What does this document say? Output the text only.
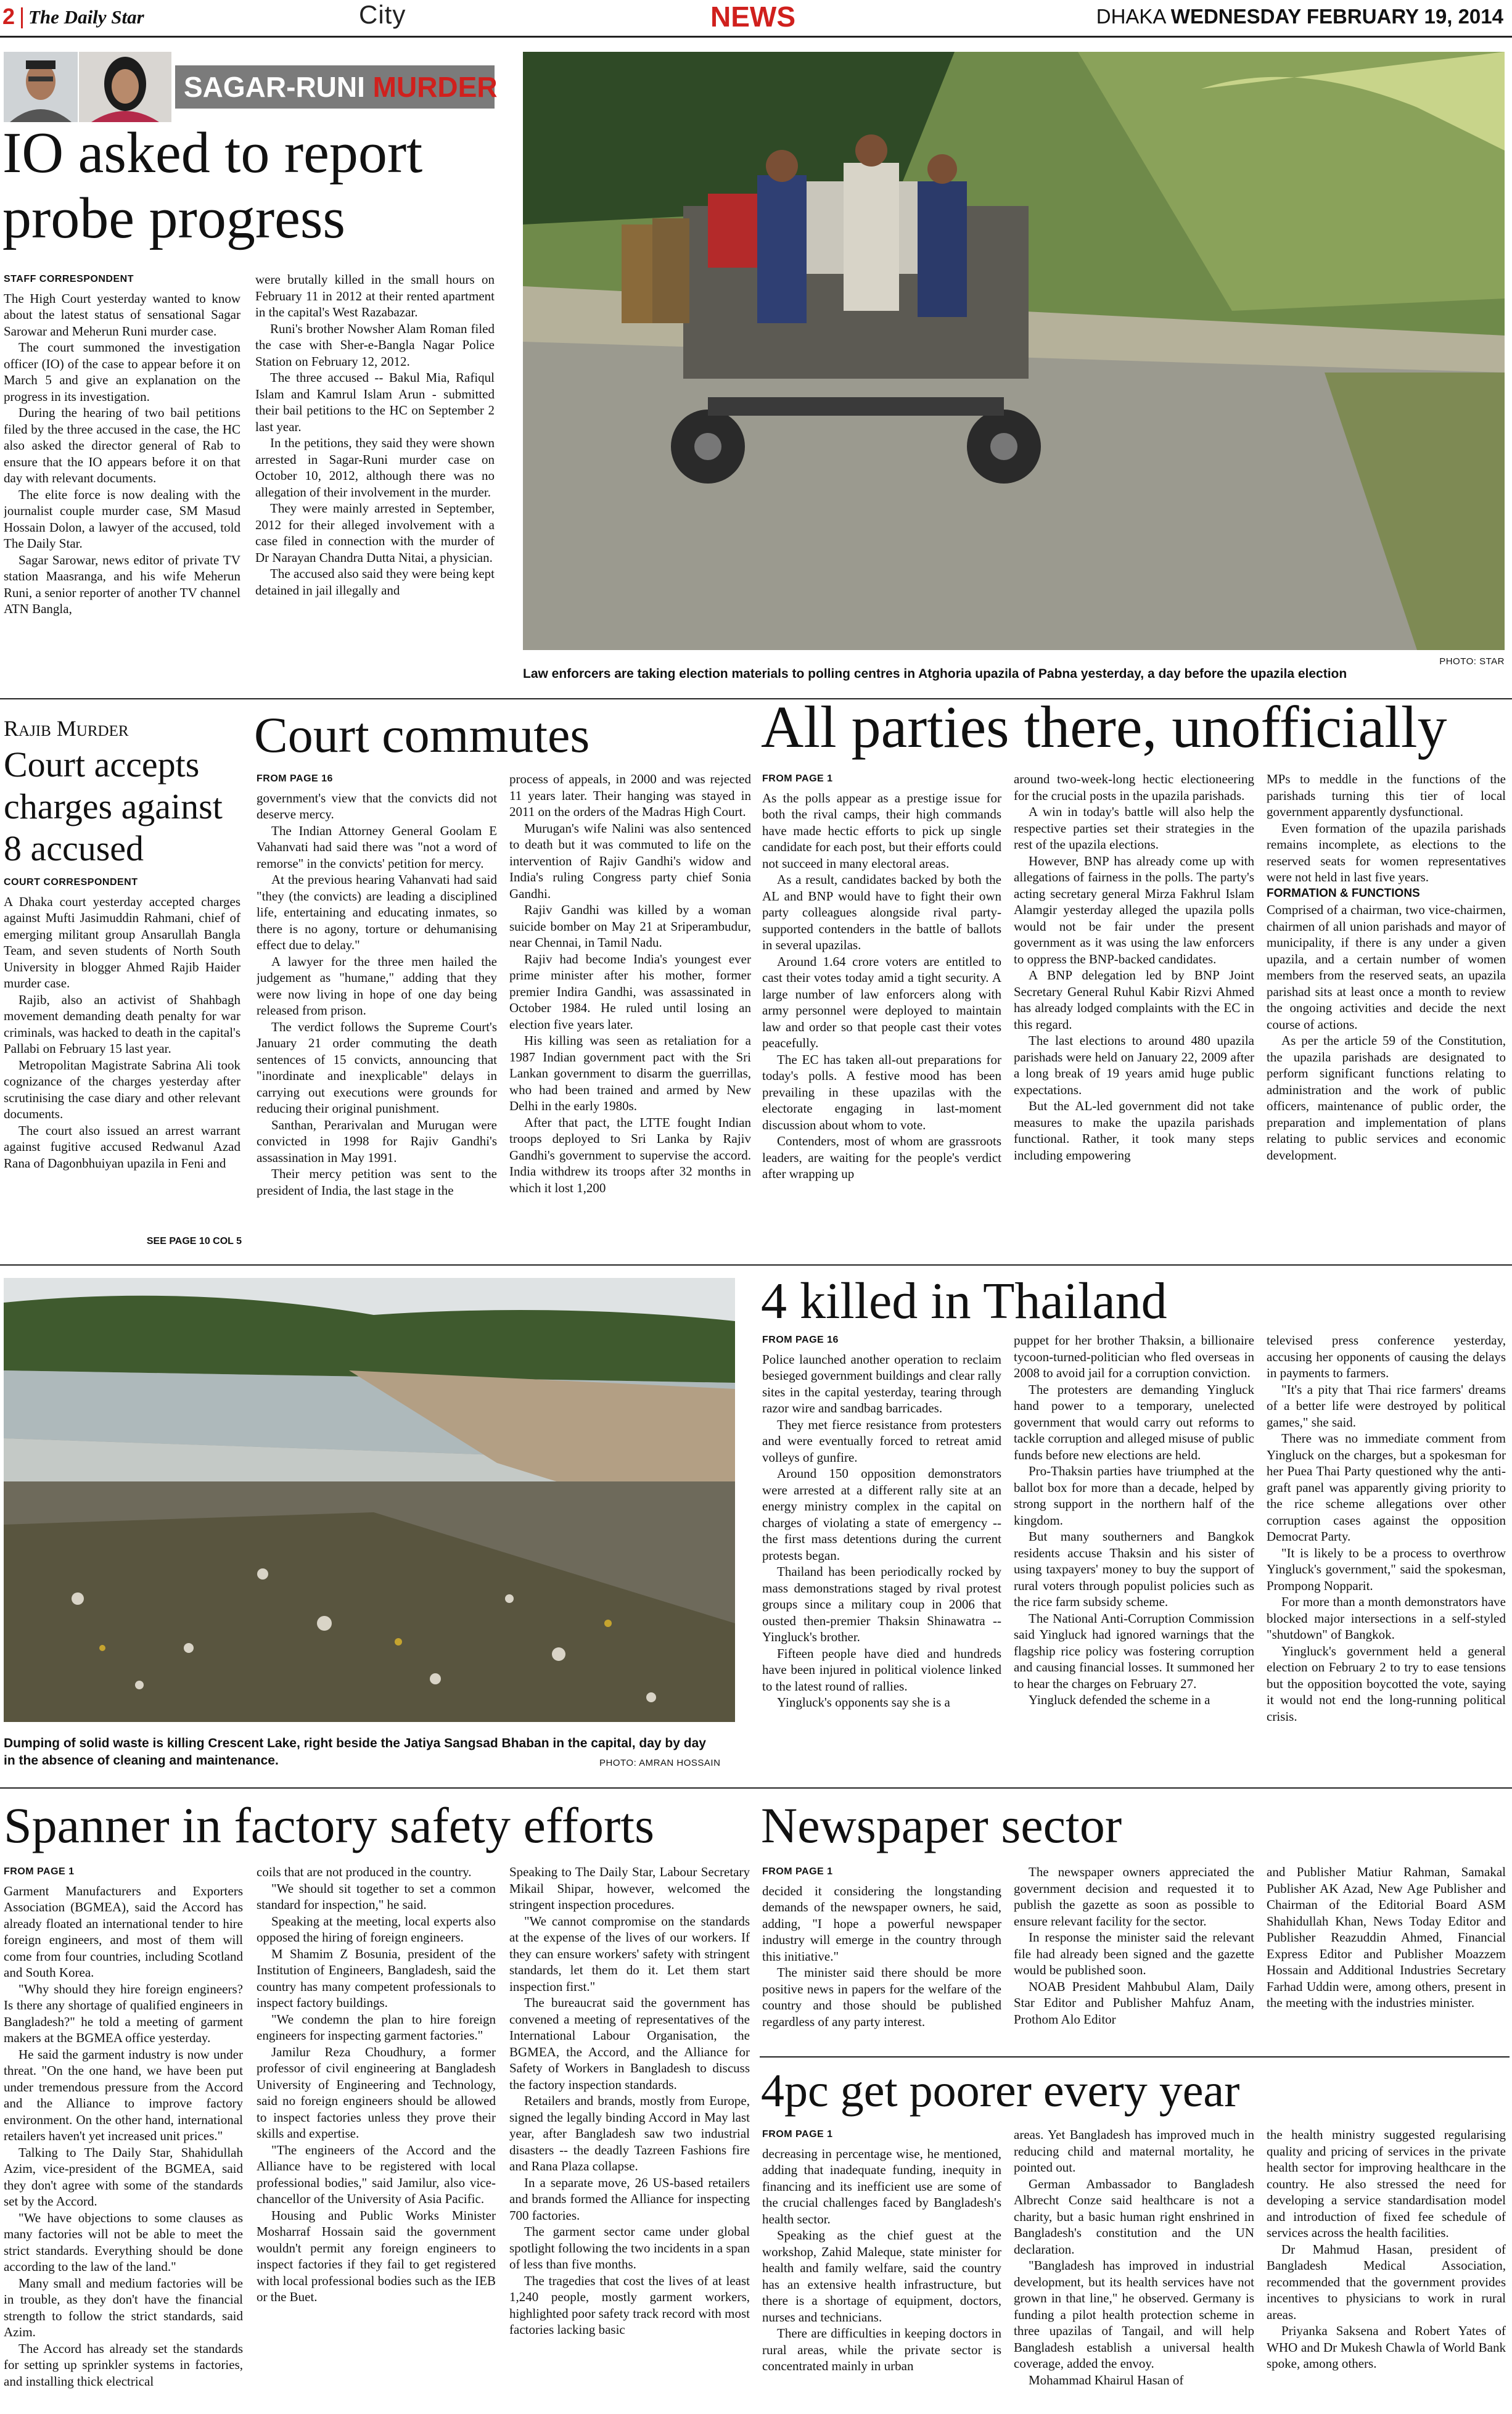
2 The Daily Star	City	NEWS	DHAKA WEDNESDAY FEBRUARY 19, 2014
SAGAR-RUNI MURDER
IO asked to report
probe progress
STAFF CORRESPONDENT

The High Court yesterday wanted to know about the latest status of sensational Sagar Sarowar and Meherun Runi murder case.

The court summoned the investigation officer (IO) of the case to appear before it on March 5 and give an explanation on the progress in its investigation.

During the hearing of two bail petitions filed by the three accused in the case, the HC also asked the director general of Rab to ensure that the IO appears before it on that day with relevant documents.

The elite force is now dealing with the journalist couple murder case, SM Masud Hossain Dolon, a lawyer of the accused, told The Daily Star.

Sagar Sarowar, news editor of private TV station Maasranga, and his wife Meherun Runi, a senior reporter of another TV channel ATN Bangla,

were brutally killed in the small hours on February 11 in 2012 at their rented apartment in the capital's West Razabazar.

Runi's brother Nowsher Alam Roman filed the case with Sher-e-Bangla Nagar Police Station on February 12, 2012.

The three accused -- Bakul Mia, Rafiqul Islam and Kamrul Islam Arun - submitted their bail petitions to the HC on September 2 last year.

In the petitions, they said they were shown arrested in Sagar-Runi murder case on October 10, 2012, although there was no allegation of their involvement in the murder.

They were mainly arrested in September, 2012 for their alleged involvement with a case filed in connection with the murder of Dr Narayan Chandra Dutta Nitai, a physician.

The accused also said they were being kept detained in jail illegally and

Law enforcers are taking election materials to polling centres in Atghoria upazila of Pabna yesterday, a day before the upazila election
PHOTO: STAR
Rajib Murder
Court accepts
charges against
8 accused
COURT CORRESPONDENT

A Dhaka court yesterday accepted charges against Mufti Jasimuddin Rahmani, chief of emerging militant group Ansarullah Bangla Team, and seven students of North South University in blogger Ahmed Rajib Haider murder case.

Rajib, also an activist of Shahbagh movement demanding death penalty for war criminals, was hacked to death in the capital's Pallabi on February 15 last year.

Metropolitan Magistrate Sabrina Ali took cognizance of the charges yesterday after scrutinising the case diary and other relevant documents.

The court also issued an arrest warrant against fugitive accused Redwanul Azad Rana of Dagonbhuiyan upazila in Feni and

SEE PAGE 10 COL 5
Court commutes
FROM PAGE 16

government's view that the convicts did not deserve mercy.

The Indian Attorney General Goolam E Vahanvati had said there was "not a word of remorse" in the convicts' petition for mercy.

At the previous hearing Vahanvati had said "they (the convicts) are leading a disciplined life, entertaining and educating inmates, so there is no agony, torture or dehumanising effect due to delay."

A lawyer for the three men hailed the judgement as "humane," adding that they were now living in hope of one day being released from prison.

The verdict follows the Supreme Court's January 21 order commuting the death sentences of 15 convicts, announcing that "inordinate and inexplicable" delays in carrying out executions were grounds for reducing their original punishment.

Santhan, Perarivalan and Murugan were convicted in 1998 for Rajiv Gandhi's assassination in May 1991.

Their mercy petition was sent to the president of India, the last stage in the

process of appeals, in 2000 and was rejected 11 years later. Their hanging was stayed in 2011 on the orders of the Madras High Court.

Murugan's wife Nalini was also sentenced to death but it was commuted to life on the intervention of Rajiv Gandhi's widow and India's ruling Congress party chief Sonia Gandhi.

Rajiv Gandhi was killed by a woman suicide bomber on May 21 at Sriperambudur, near Chennai, in Tamil Nadu.

Rajiv had become India's youngest ever prime minister after his mother, former premier Indira Gandhi, was assassinated in October 1984. He ruled until losing an election five years later.

His killing was seen as retaliation for a 1987 Indian government pact with the Sri Lankan government to disarm the guerrillas, who had been trained and armed by New Delhi in the early 1980s.

After that pact, the LTTE fought Indian troops deployed to Sri Lanka by Rajiv Gandhi's government to supervise the accord. India withdrew its troops after 32 months in which it lost 1,200

All parties there, unofficially
FROM PAGE 1

As the polls appear as a prestige issue for both the rival camps, their high commands have made hectic efforts to pick up single candidate for each post, but their efforts could not succeed in many electoral areas.

As a result, candidates backed by both the AL and BNP would have to fight their own party colleagues alongside rival party-supported contenders in the battle of ballots in several upazilas.

Around 1.64 crore voters are entitled to cast their votes today amid a tight security. A large number of law enforcers along with army personnel were deployed to maintain law and order so that people cast their votes peacefully.

The EC has taken all-out preparations for today's polls. A festive mood has been prevailing in these upazilas with the electorate engaging in last-moment discussion about whom to vote.

Contenders, most of whom are grassroots leaders, are waiting for the people's verdict after wrapping up

around two-week-long hectic electioneering for the crucial posts in the upazila parishads.

A win in today's battle will also help the respective parties set their strategies in the rest of the upazila elections.

However, BNP has already come up with allegations of fairness in the polls. The party's acting secretary general Mirza Fakhrul Islam Alamgir yesterday alleged the upazila polls would not be fair under the present government as it was using the law enforcers to oppress the BNP-backed candidates.

A BNP delegation led by BNP Joint Secretary General Ruhul Kabir Rizvi Ahmed has already lodged complaints with the EC in this regard.

The last elections to around 480 upazila parishads were held on January 22, 2009 after a long break of 19 years amid huge public expectations.

But the AL-led government did not take measures to make the upazila parishads functional. Rather, it took many steps including empowering

MPs to meddle in the functions of the parishads turning this tier of local government apparently dysfunctional.

Even formation of the upazila parishads remains incomplete, as elections to the reserved seats for women representatives were not held in last five years.

FORMATION & FUNCTIONS

Comprised of a chairman, two vice-chairmen, chairmen of all union parishads and mayor of municipality, if there is any under a given upazila, and a certain number of women members from the reserved seats, an upazila parishad sits at least once a month to review the ongoing activities and decide the next course of actions.

As per the article 59 of the Constitution, the upazila parishads are designated to perform significant functions relating to administration and the work of public officers, maintenance of public order, the preparation and implementation of plans relating to public services and economic development.

Dumping of solid waste is killing Crescent Lake, right beside the Jatiya Sangsad Bhaban in the capital, day by day
in the absence of cleaning and maintenance.	PHOTO: AMRAN HOSSAIN
4 killed in Thailand
FROM PAGE 16

Police launched another operation to reclaim besieged government buildings and clear rally sites in the capital yesterday, tearing through razor wire and sandbag barricades.

They met fierce resistance from protesters and were eventually forced to retreat amid volleys of gunfire.

Around 150 opposition demonstrators were arrested at a different rally site at an energy ministry complex in the capital on charges of violating a state of emergency -- the first mass detentions during the current protests began.

Thailand has been periodically rocked by mass demonstrations staged by rival protest groups since a military coup in 2006 that ousted then-premier Thaksin Shinawatra -- Yingluck's brother.

Fifteen people have died and hundreds have been injured in political violence linked to the latest round of rallies.

Yingluck's opponents say she is a

puppet for her brother Thaksin, a billionaire tycoon-turned-politician who fled overseas in 2008 to avoid jail for a corruption conviction.

The protesters are demanding Yingluck hand power to a temporary, unelected government that would carry out reforms to tackle corruption and alleged misuse of public funds before new elections are held.

Pro-Thaksin parties have triumphed at the ballot box for more than a decade, helped by strong support in the northern half of the kingdom.

But many southerners and Bangkok residents accuse Thaksin and his sister of using taxpayers' money to buy the support of rural voters through populist policies such as the rice farm subsidy scheme.

The National Anti-Corruption Commission said Yingluck had ignored warnings that the flagship rice policy was fostering corruption and causing financial losses. It summoned her to hear the charges on February 27.

Yingluck defended the scheme in a

televised press conference yesterday, accusing her opponents of causing the delays in payments to farmers.

"It's a pity that Thai rice farmers' dreams of a better life were destroyed by political games," she said.

There was no immediate comment from Yingluck on the charges, but a spokesman for her Puea Thai Party questioned why the anti-graft panel was apparently giving priority to the rice scheme allegations over other corruption cases against the opposition Democrat Party.

"It is likely to be a process to overthrow Yingluck's government," said the spokesman, Prompong Nopparit.

For more than a month demonstrators have blocked major intersections in a self-styled "shutdown" of Bangkok.

Yingluck's government held a general election on February 2 to try to ease tensions but the opposition boycotted the vote, saying it would not end the long-running political crisis.

Spanner in factory safety efforts
FROM PAGE 1

Garment Manufacturers and Exporters Association (BGMEA), said the Accord has already floated an international tender to hire foreign engineers, and most of them will come from four countries, including Scotland and South Korea.

"Why should they hire foreign engineers? Is there any shortage of qualified engineers in Bangladesh?" he told a meeting of garment makers at the BGMEA office yesterday.

He said the garment industry is now under threat. "On the one hand, we have been put under tremendous pressure from the Accord and the Alliance to improve factory environment. On the other hand, international retailers haven't yet increased unit prices."

Talking to The Daily Star, Shahidullah Azim, vice-president of the BGMEA, said they don't agree with some of the standards set by the Accord.

"We have objections to some clauses as many factories will not be able to meet the strict standards. Everything should be done according to the law of the land."

Many small and medium factories will be in trouble, as they don't have the financial strength to follow the strict standards, said Azim.

The Accord has already set the standards for setting up sprinkler systems in factories, and installing thick electrical

coils that are not produced in the country.

"We should sit together to set a common standard for inspection," he said.

Speaking at the meeting, local experts also opposed the hiring of foreign engineers.

M Shamim Z Bosunia, president of the Institution of Engineers, Bangladesh, said the country has many competent professionals to inspect factory buildings.

"We condemn the plan to hire foreign engineers for inspecting garment factories."

Jamilur Reza Choudhury, a former professor of civil engineering at Bangladesh University of Engineering and Technology, said no foreign engineers should be allowed to inspect factories unless they prove their skills and expertise.

"The engineers of the Accord and the Alliance have to be registered with local professional bodies," said Jamilur, also vice-chancellor of the University of Asia Pacific.

Housing and Public Works Minister Mosharraf Hossain said the government wouldn't permit any foreign engineers to inspect factories if they fail to get registered with local professional bodies such as the IEB or the Buet.

Speaking to The Daily Star, Labour Secretary Mikail Shipar, however, welcomed the stringent inspection procedures.

"We cannot compromise on the standards at the expense of the lives of our workers. If they can ensure workers' safety with stringent standards, let them do it. Let them start inspection first."

The bureaucrat said the government has convened a meeting of representatives of the International Labour Organisation, the BGMEA, the Accord, and the Alliance for Safety of Workers in Bangladesh to discuss the factory inspection standards.

Retailers and brands, mostly from Europe, signed the legally binding Accord in May last year, after Bangladesh saw two industrial disasters -- the deadly Tazreen Fashions fire and Rana Plaza collapse.

In a separate move, 26 US-based retailers and brands formed the Alliance for inspecting 700 factories.

The garment sector came under global spotlight following the two incidents in a span of less than five months.

The tragedies that cost the lives of at least 1,240 people, mostly garment workers, highlighted poor safety track record with most factories lacking basic

Newspaper sector
FROM PAGE 1

decided it considering the longstanding demands of the newspaper owners, he said, adding, "I hope a powerful newspaper industry will emerge in the country through this initiative."

The minister said there should be more positive news in papers for the welfare of the country and those should be published regardless of any party interest.

The newspaper owners appreciated the government decision and requested it to publish the gazette as soon as possible to ensure relevant facility for the sector.

In response the minister said the relevant file had already been signed and the gazette would be published soon.

NOAB President Mahbubul Alam, Daily Star Editor and Publisher Mahfuz Anam, Prothom Alo Editor

and Publisher Matiur Rahman, Samakal Publisher AK Azad, New Age Publisher and Chairman of the Editorial Board ASM Shahidullah Khan, News Today Editor and Publisher Reazuddin Ahmed, Financial Express Editor and Publisher Moazzem Hossain and Additional Industries Secretary Farhad Uddin were, among others, present in the meeting with the industries minister.

4pc get poorer every year
FROM PAGE 1

decreasing in percentage wise, he mentioned, adding that inadequate funding, inequity in financing and its inefficient use are some of the crucial challenges faced by Bangladesh's health sector.

Speaking as the chief guest at the workshop, Zahid Maleque, state minister for health and family welfare, said the country has an extensive health infrastructure, but there is a shortage of equipment, doctors, nurses and technicians.

There are difficulties in keeping doctors in rural areas, while the private sector is concentrated mainly in urban

areas. Yet Bangladesh has improved much in reducing child and maternal mortality, he pointed out.

German Ambassador to Bangladesh Albrecht Conze said healthcare is not a charity, but a basic human right enshrined in Bangladesh's constitution and the UN declaration.

"Bangladesh has improved in industrial development, but its health services have not grown in that line," he observed. Germany is funding a pilot health protection scheme in three upazilas of Tangail, and will help Bangladesh establish a universal health coverage, added the envoy.

Mohammad Khairul Hasan of

the health ministry suggested regularising quality and pricing of services in the private health sector for improving healthcare in the country. He also stressed the need for developing a service standardisation model and introduction of fixed fee schedule of services across the health facilities.

Dr Mahmud Hasan, president of Bangladesh Medical Association, recommended that the government provides incentives to physicians to work in rural areas.

Priyanka Saksena and Robert Yates of WHO and Dr Mukesh Chawla of World Bank spoke, among others.
